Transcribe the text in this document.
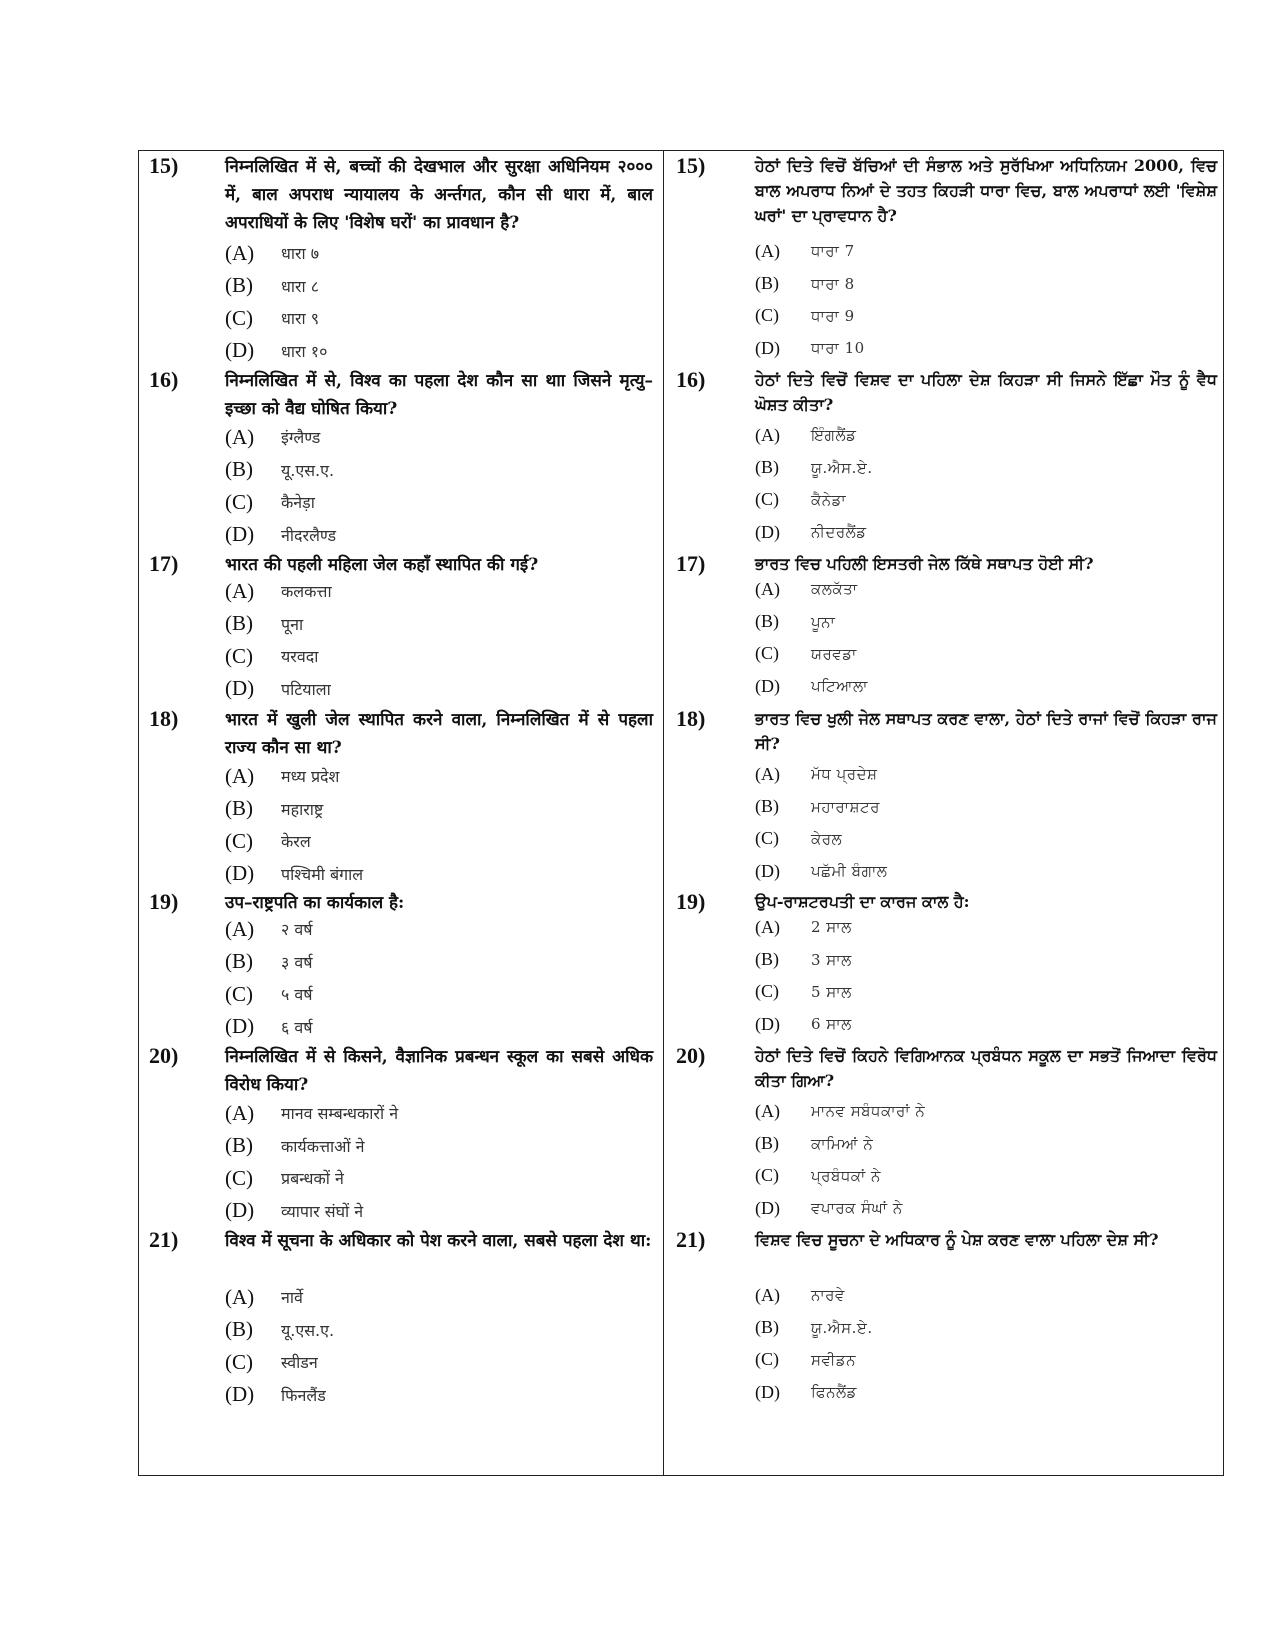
15)	निम्नलिखित में से, बच्चों की देखभाल और सुरक्षा अधिनियम २००० में, बाल अपराध न्यायालय के अर्न्तगत, कौन सी धारा में, बाल अपराधियों के लिए 'विशेष घरों' का प्रावधान है?
(A)	धारा ७
(B)	धारा ८
(C)	धारा ९
(D)	धारा १०
16)	निम्नलिखित में से, विश्व का पहला देश कौन सा थाा जिसने मृत्यु–इच्छा को वैद्य घोषित किया?
(A)	इंग्लैण्ड
(B)	यू.एस.ए.
(C)	कैनेड़ा
(D)	नीदरलैण्ड
17)	भारत की पहली महिला जेल कहाँ स्थापित की गई?
(A)	कलकत्ता
(B)	पूना
(C)	यरवदा
(D)	पटियाला
18)	भारत में खुली जेल स्थापित करने वाला, निम्नलिखित में से पहला राज्य कौन सा था?
(A)	मध्य प्रदेश
(B)	महाराष्ट्र
(C)	केरल
(D)	पश्चिमी बंगाल
19)	उप–राष्ट्रपति का कार्यकाल है:
(A)	२ वर्ष
(B)	३ वर्ष
(C)	५ वर्ष
(D)	६ वर्ष
20)	निम्नलिखित में से किसने, वैज्ञानिक प्रबन्धन स्कूल का सबसे अधिक विरोध किया?
(A)	मानव सम्बन्धकारों ने
(B)	कार्यकत्ताओं ने
(C)	प्रबन्धकों ने
(D)	व्यापार संघों ने
21)	विश्व में सूचना के अधिकार को पेश करने वाला, सबसे पहला देश था:
(A)	नार्वे
(B)	यू.एस.ए.
(C)	स्वीडन
(D)	फिनलैंड
15)	ਹੇਠਾਂ ਦਿਤੇ ਵਿਚੋਂ ਬੱਚਿਆਂ ਦੀ ਸੰਭਾਲ ਅਤੇ ਸੁਰੱਖਿਆ ਅਧਿਨਿਯਮ 2000, ਵਿਚ ਬਾਲ ਅਪਰਾਧ ਨਿਆਂ ਦੇ ਤਹਤ ਕਿਹੜੀ ਧਾਰਾ ਵਿਚ, ਬਾਲ ਅਪਰਾਧਾਂ ਲਈ 'ਵਿਸ਼ੇਸ਼ ਘਰਾਂ' ਦਾ ਪ੍ਰਾਵਧਾਨ ਹੈ?
(A)	ਧਾਰਾ 7
(B)	ਧਾਰਾ 8
(C)	ਧਾਰਾ 9
(D)	ਧਾਰਾ 10
16)	ਹੇਠਾਂ ਦਿਤੇ ਵਿਚੋਂ ਵਿਸ਼ਵ ਦਾ ਪਹਿਲਾ ਦੇਸ਼ ਕਿਹੜਾ ਸੀ ਜਿਸਨੇ ਇੱਛਾ ਮੌਤ ਨੂੰ ਵੈਧ ਘੋਸ਼ਤ ਕੀਤਾ?
(A)	ਇੰਗਲੈਂਡ
(B)	ਯੂ.ਐਸ.ਏ.
(C)	ਕੈਨੇਡਾ
(D)	ਨੀਦਰਲੈਂਡ
17)	ਭਾਰਤ ਵਿਚ ਪਹਿਲੀ ਇਸਤਰੀ ਜੇਲ ਕਿੱਥੇ ਸਥਾਪਤ ਹੋਈ ਸੀ?
(A)	ਕਲਕੱਤਾ
(B)	ਪੂਨਾ
(C)	ਯਰਵਡਾ
(D)	ਪਟਿਆਲਾ
18)	ਭਾਰਤ ਵਿਚ ਖੁਲੀ ਜੇਲ ਸਥਾਪਤ ਕਰਣ ਵਾਲਾ, ਹੇਠਾਂ ਦਿਤੇ ਰਾਜਾਂ ਵਿਚੋਂ ਕਿਹੜਾ ਰਾਜ ਸੀ?
(A)	ਮੱਧ ਪ੍ਰਦੇਸ਼
(B)	ਮਹਾਰਾਸ਼ਟਰ
(C)	ਕੇਰਲ
(D)	ਪਛੱਮੀ ਬੰਗਾਲ
19)	ਉਪ-ਰਾਸ਼ਟਰਪਤੀ ਦਾ ਕਾਰਜ ਕਾਲ ਹੈ:
(A)	2 ਸਾਲ
(B)	3 ਸਾਲ
(C)	5 ਸਾਲ
(D)	6 ਸਾਲ
20)	ਹੇਠਾਂ ਦਿਤੇ ਵਿਚੋਂ ਕਿਹਨੇ ਵਿਗਿਆਨਕ ਪ੍ਰਬੰਧਨ ਸਕੂਲ ਦਾ ਸਭਤੋਂ ਜਿਆਦਾ ਵਿਰੋਧ ਕੀਤਾ ਗਿਆ?
(A)	ਮਾਨਵ ਸਬੰਧਕਾਰਾਂ ਨੇ
(B)	ਕਾਮਿਆਂ ਨੇ
(C)	ਪ੍ਰਬੰਧਕਾਂ ਨੇ
(D)	ਵਪਾਰਕ ਸੰਘਾਂ ਨੇ
21)	ਵਿਸ਼ਵ ਵਿਚ ਸੂਚਨਾ ਦੇ ਅਧਿਕਾਰ ਨੂੰ ਪੇਸ਼ ਕਰਣ ਵਾਲਾ ਪਹਿਲਾ ਦੇਸ਼ ਸੀ?
(A)	ਨਾਰਵੇ
(B)	ਯੂ.ਐਸ.ਏ.
(C)	ਸਵੀਡਨ
(D)	ਫਿਨਲੈਂਡ
